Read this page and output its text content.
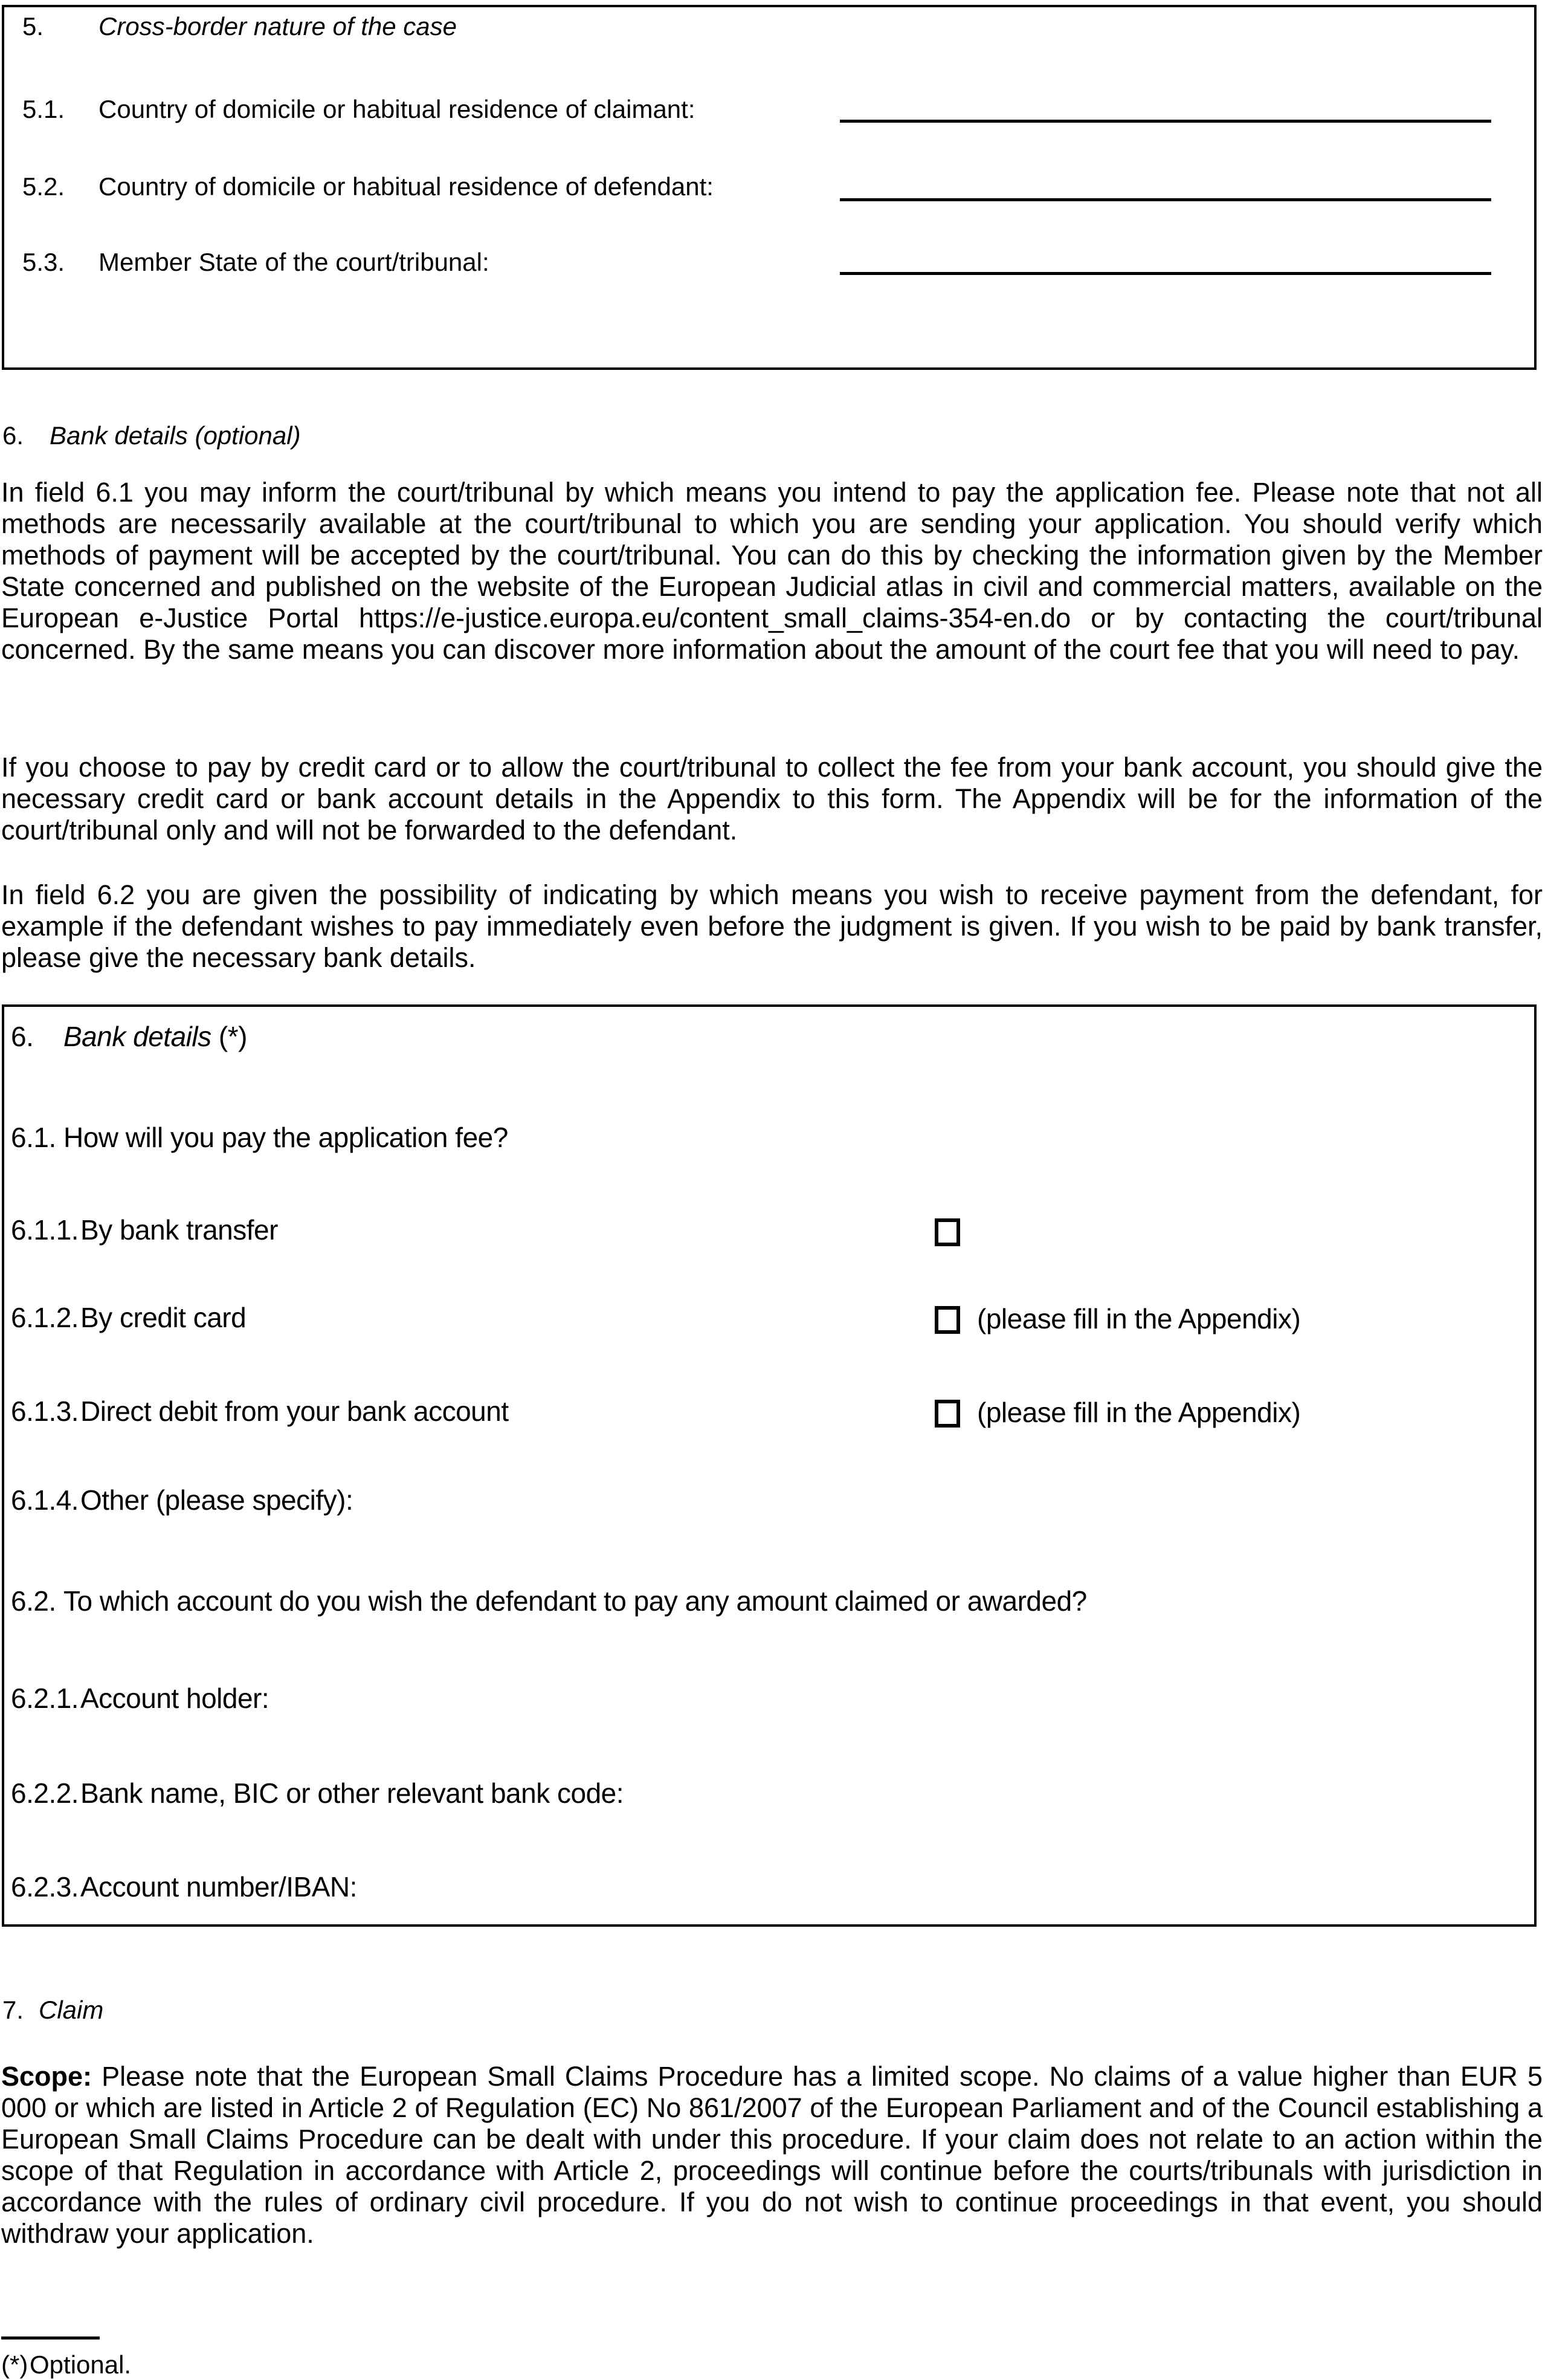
5. Cross-border nature of the case
5.1. Country of domicile or habitual residence of claimant:
5.2. Country of domicile or habitual residence of defendant:
5.3. Member State of the court/tribunal:
6. Bank details (optional)
In field 6.1 you may inform the court/tribunal by which means you intend to pay the application fee. Please note that not all methods are necessarily available at the court/tribunal to which you are sending your application. You should verify which methods of payment will be accepted by the court/tribunal. You can do this by checking the information given by the Member State concerned and published on the website of the European Judicial atlas in civil and commercial matters, available on the European e-Justice Portal https://e-justice.europa.eu/content_small_claims-354-en.do or by contacting the court/tribunal concerned. By the same means you can discover more information about the amount of the court fee that you will need to pay.
If you choose to pay by credit card or to allow the court/tribunal to collect the fee from your bank account, you should give the necessary credit card or bank account details in the Appendix to this form. The Appendix will be for the information of the court/tribunal only and will not be forwarded to the defendant.
In field 6.2 you are given the possibility of indicating by which means you wish to receive payment from the defendant, for example if the defendant wishes to pay immediately even before the judgment is given. If you wish to be paid by bank transfer, please give the necessary bank details.
6. Bank details (*)
6.1. How will you pay the application fee?
6.1.1.By bank transfer
6.1.2.By credit card	(please fill in the Appendix)
6.1.3.Direct debit from your bank account	(please fill in the Appendix)
6.1.4.Other (please specify):
6.2. To which account do you wish the defendant to pay any amount claimed or awarded?
6.2.1.Account holder:
6.2.2.Bank name, BIC or other relevant bank code:
6.2.3.Account number/IBAN:
7. Claim
Scope: Please note that the European Small Claims Procedure has a limited scope. No claims of a value higher than EUR 5 000 or which are listed in Article 2 of Regulation (EC) No 861/2007 of the European Parliament and of the Council establishing a European Small Claims Procedure can be dealt with under this procedure. If your claim does not relate to an action within the scope of that Regulation in accordance with Article 2, proceedings will continue before the courts/tribunals with jurisdiction in accordance with the rules of ordinary civil procedure. If you do not wish to continue proceedings in that event, you should withdraw your application.
(*)Optional.
